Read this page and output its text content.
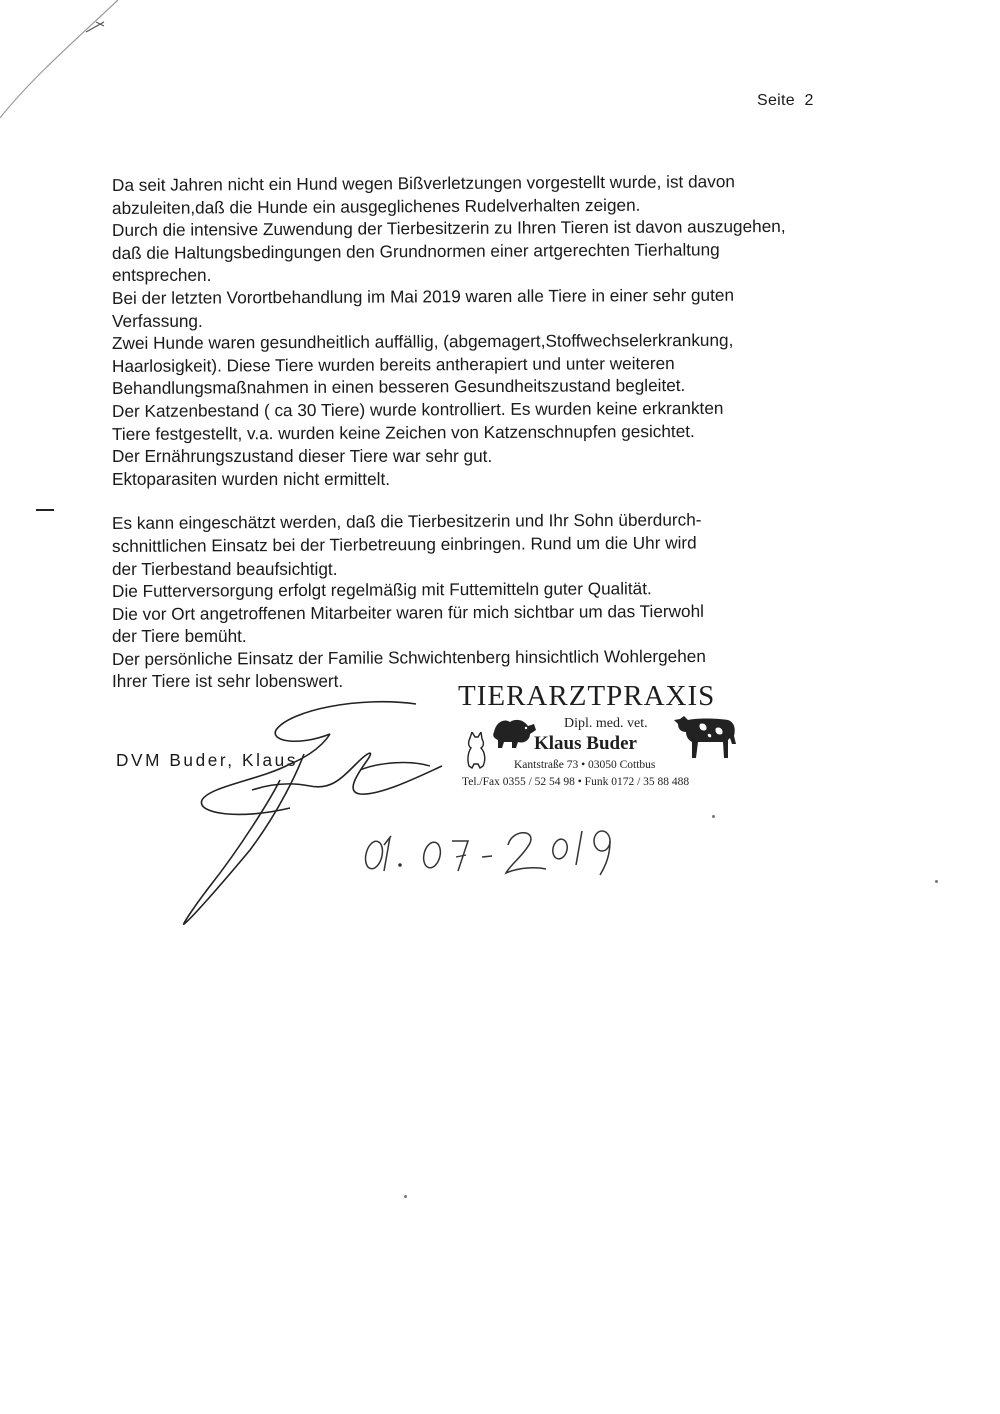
Seite  2
Da seit Jahren nicht ein Hund wegen Bißverletzungen vorgestellt wurde, ist davon
abzuleiten,daß die Hunde ein ausgeglichenes Rudelverhalten zeigen.
Durch die intensive Zuwendung der Tierbesitzerin zu Ihren Tieren ist davon auszugehen,
daß die Haltungsbedingungen den Grundnormen einer artgerechten Tierhaltung
entsprechen.
Bei der letzten Vorortbehandlung im Mai 2019 waren alle Tiere in einer sehr guten
Verfassung.
Zwei Hunde waren gesundheitlich auffällig, (abgemagert,Stoffwechselerkrankung,
Haarlosigkeit). Diese Tiere wurden bereits antherapiert und unter weiteren
Behandlungsmaßnahmen in einen besseren Gesundheitszustand begleitet.
Der Katzenbestand ( ca 30 Tiere) wurde kontrolliert. Es wurden keine erkrankten
Tiere festgestellt, v.a. wurden keine Zeichen von Katzenschnupfen gesichtet.
Der Ernährungszustand dieser Tiere war sehr gut.
Ektoparasiten wurden nicht ermittelt.
Es kann eingeschätzt werden, daß die Tierbesitzerin und Ihr Sohn überdurch-
schnittlichen Einsatz bei der Tierbetreuung einbringen. Rund um die Uhr wird
der Tierbestand beaufsichtigt.
Die Futterversorgung erfolgt regelmäßig mit Futtemitteln guter Qualität.
Die vor Ort angetroffenen Mitarbeiter waren für mich sichtbar um das Tierwohl
der Tiere bemüht.
Der persönliche Einsatz der Familie Schwichtenberg hinsichtlich Wohlergehen
Ihrer Tiere ist sehr lobenswert.
DVM Buder, Klaus
TIERARZTPRAXIS
Dipl. med. vet.
Klaus Buder
Kantstraße 73 • 03050 Cottbus
Tel./Fax 0355 / 52 54 98 • Funk 0172 / 35 88 488
